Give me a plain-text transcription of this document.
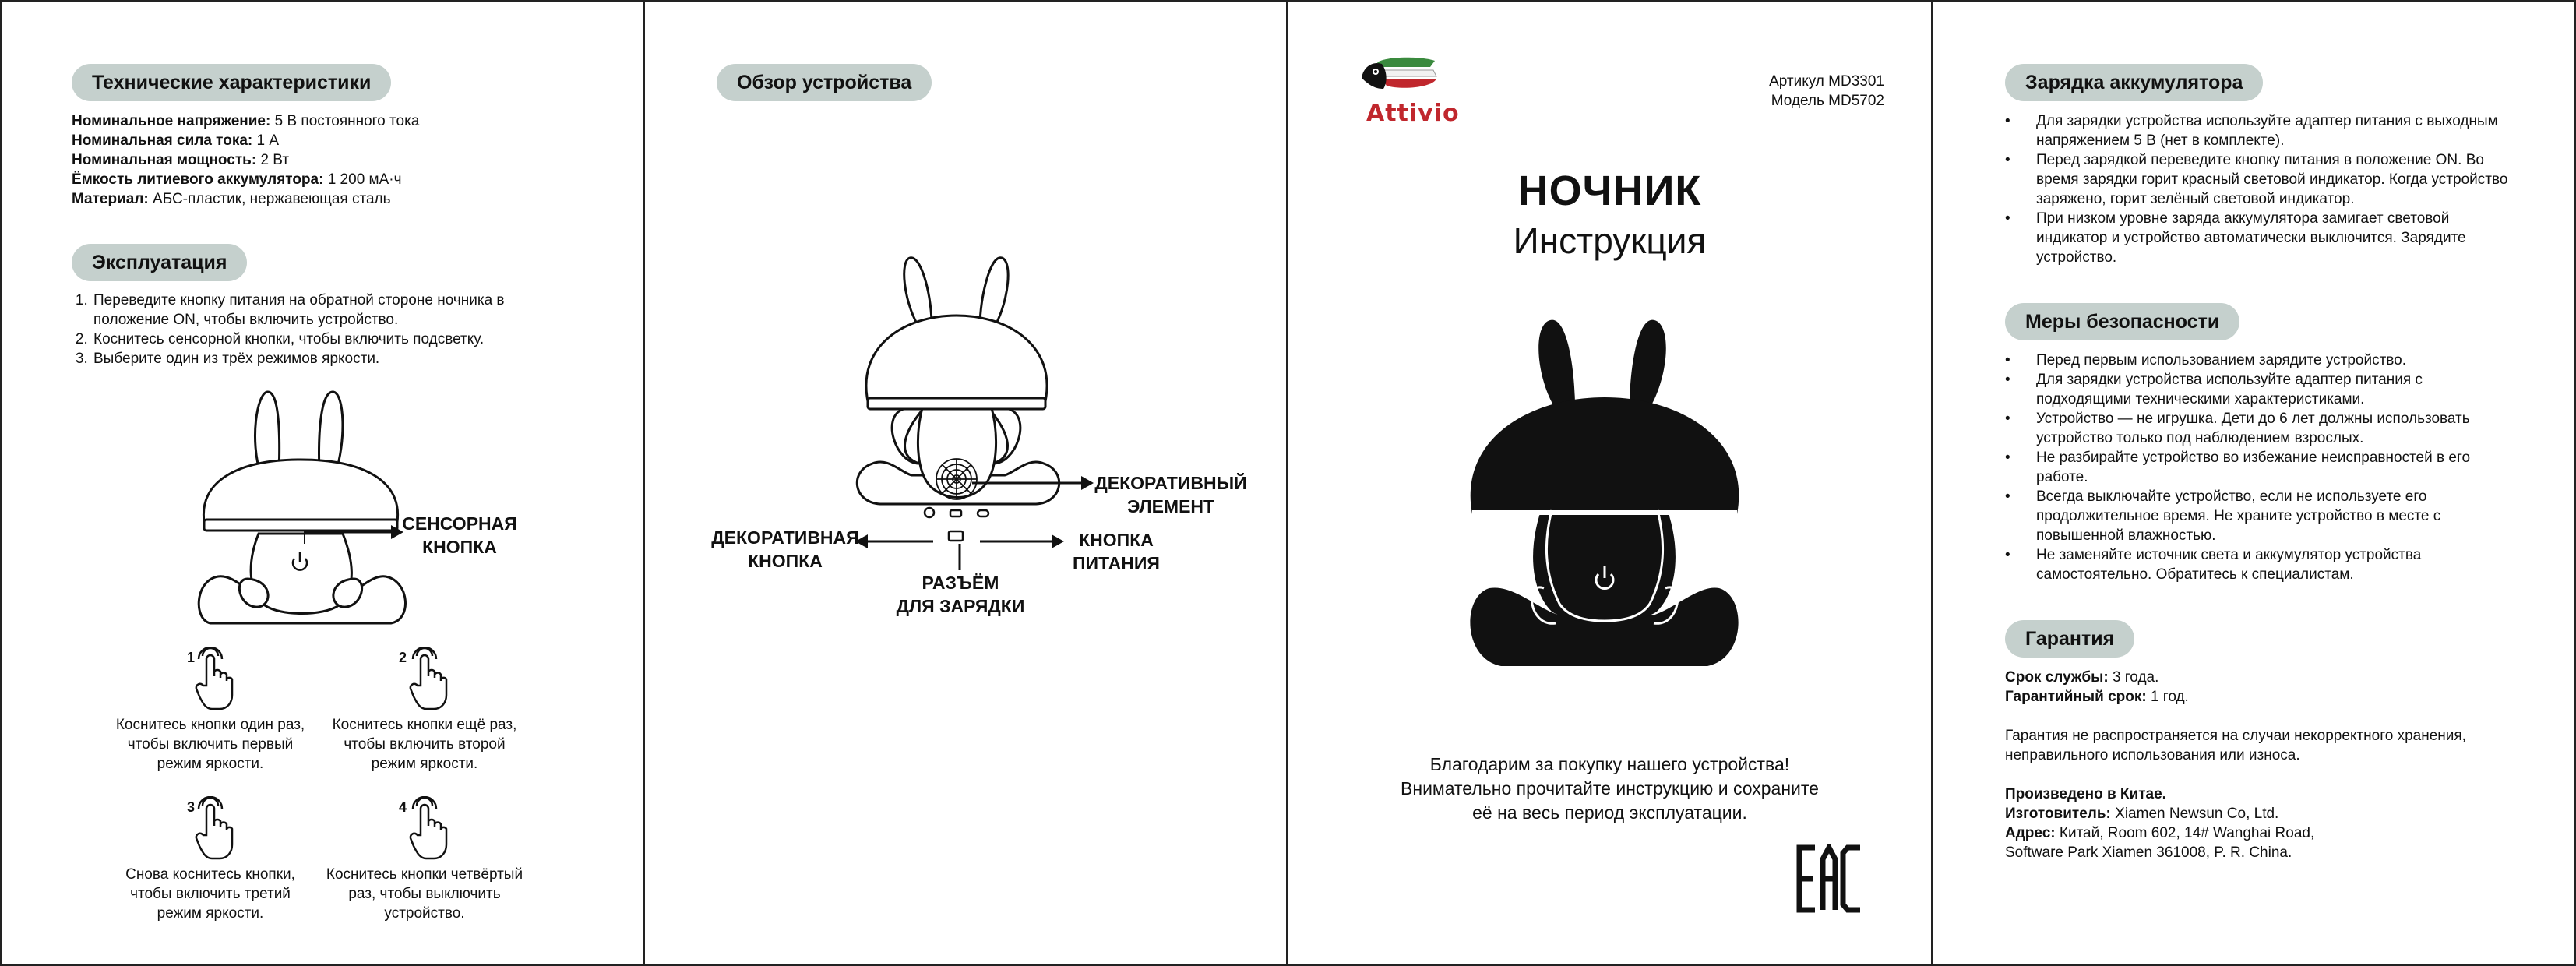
Технические характеристики
Номинальное напряжение: 5 В постоянного тока
Номинальная сила тока: 1 А
Номинальная мощность: 2 Вт
Ёмкость литиевого аккумулятора: 1 200 мА·ч
Материал: АБС-пластик, нержавеющая сталь
Эксплуатация
1. Переведите кнопку питания на обратной стороне ночника в положение ON, чтобы включить устройство.
2. Коснитесь сенсорной кнопки, чтобы включить подсветку.
3. Выберите один из трёх режимов яркости.
СЕНСОРНАЯ
КНОПКА
1
Коснитесь кнопки один раз,
чтобы включить первый
режим яркости.
2
Коснитесь кнопки ещё раз,
чтобы включить второй
режим яркости.
3
Снова коснитесь кнопки,
чтобы включить третий
режим яркости.
4
Коснитесь кнопки четвёртый
раз, чтобы выключить
устройство.
Обзор устройства
ДЕКОРАТИВНЫЙ
ЭЛЕМЕНТ
ДЕКОРАТИВНАЯ
КНОПКА
КНОПКА
ПИТАНИЯ
РАЗЪЁМ
ДЛЯ ЗАРЯДКИ
Attivio
Артикул MD3301
Модель MD5702
НОЧНИК
Инструкция
Благодарим за покупку нашего устройства!
Внимательно прочитайте инструкцию и сохраните
её на весь период эксплуатации.
Зарядка аккумулятора
• Для зарядки устройства используйте адаптер питания с выходным напряжением 5 В (нет в комплекте).
• Перед зарядкой переведите кнопку питания в положение ON. Во время зарядки горит красный световой индикатор. Когда устройство заряжено, горит зелёный световой индикатор.
• При низком уровне заряда аккумулятора замигает световой индикатор и устройство автоматически выключится. Зарядите устройство.
Меры безопасности
• Перед первым использованием зарядите устройство.
• Для зарядки устройства используйте адаптер питания с подходящими техническими характеристиками.
• Устройство — не игрушка. Дети до 6 лет должны использовать устройство только под наблюдением взрослых.
• Не разбирайте устройство во избежание неисправностей в его работе.
• Всегда выключайте устройство, если не используете его продолжительное время. Не храните устройство в месте с повышенной влажностью.
• Не заменяйте источник света и аккумулятор устройства самостоятельно. Обратитесь к специалистам.
Гарантия

Срок службы: 3 года.

Гарантийный срок: 1 год.

Гарантия не распространяется на случаи некорректного хранения,
неправильного использования или износа.

Произведено в Китае.

Изготовитель: Xiamen Newsun Co, Ltd.

Адрес: Китай, Room 602, 14# Wanghai Road,
Software Park Xiamen 361008, P. R. China.
